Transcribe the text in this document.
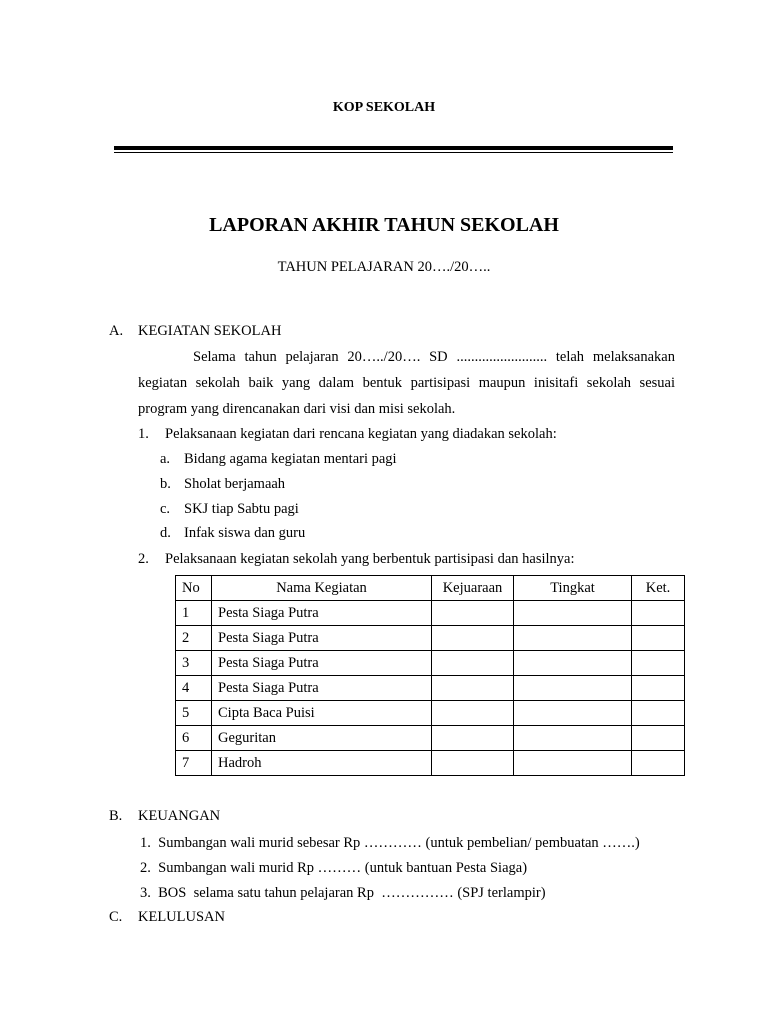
KOP SEKOLAH
LAPORAN AKHIR TAHUN SEKOLAH
TAHUN PELAJARAN 20…./20…..
A. KEGIATAN SEKOLAH
Selama tahun pelajaran 20…../20…. SD ......................... telah melaksanakan
kegiatan sekolah baik yang dalam bentuk partisipasi maupun inisitafi sekolah sesuai
program yang direncanakan dari visi dan misi sekolah.
1. Pelaksanaan kegiatan dari rencana kegiatan yang diadakan sekolah:
a. Bidang agama kegiatan mentari pagi
b. Sholat berjamaah
c. SKJ tiap Sabtu pagi
d. Infak siswa dan guru
2. Pelaksanaan kegiatan sekolah yang berbentuk partisipasi dan hasilnya:
No	Nama Kegiatan	Kejuaraan	Tingkat	Ket.
1	Pesta Siaga Putra			
2	Pesta Siaga Putra			
3	Pesta Siaga Putra			
4	Pesta Siaga Putra			
5	Cipta Baca Puisi			
6	Geguritan			
7	Hadroh			
B. KEUANGAN
1.  Sumbangan wali murid sebesar Rp ………… (untuk pembelian/ pembuatan …….)
2.  Sumbangan wali murid Rp ……… (untuk bantuan Pesta Siaga)
3.  BOS  selama satu tahun pelajaran Rp  …………… (SPJ terlampir)
C. KELULUSAN
